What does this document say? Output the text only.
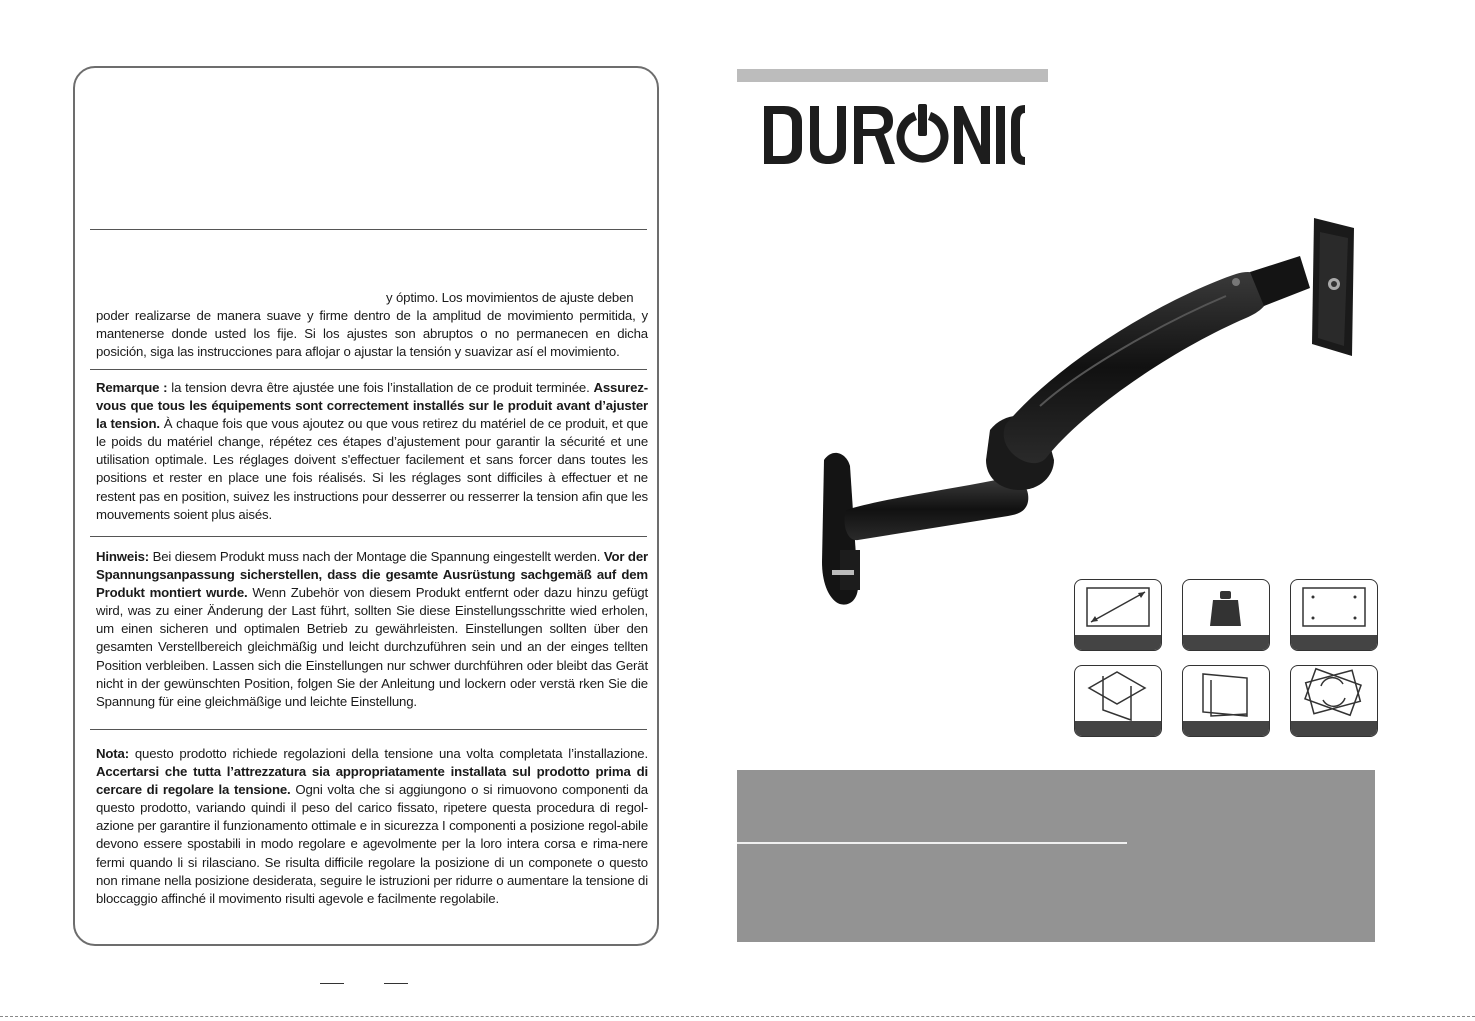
y óptimo. Los movimientos de ajuste deben

poder realizarse de manera suave y firme dentro de la amplitud de movimiento permitida, y mantenerse donde usted los fije. Si los ajustes son abruptos o no permanecen en dicha posición, siga las instrucciones para aflojar o ajustar la tensión y suavizar así el movimiento.

Remarque : la tension devra être ajustée une fois l’installation de ce produit terminée. Assurez-vous que tous les équipements sont correctement installés sur le produit avant d’ajuster la tension. À chaque fois que vous ajoutez ou que vous retirez du matériel de ce produit, et que le poids du matériel change, répétez ces étapes d’ajustement pour garantir la sécurité et une utilisation optimale. Les réglages doivent s'effectuer facilement et sans forcer dans toutes les positions et rester en place une fois réalisés. Si les réglages sont difficiles à effectuer et ne restent pas en position, suivez les instructions pour desserrer ou resserrer la tension afin que les mouvements soient plus aisés.

Hinweis: Bei diesem Produkt muss nach der Montage die Spannung eingestellt werden. Vor der Spannungsanpassung sicherstellen, dass die gesamte Ausrüstung sachgemäß auf dem Produkt montiert wurde. Wenn Zubehör von diesem Produkt entfernt oder dazu hinzu gefügt wird, was zu einer Änderung der Last führt, sollten Sie diese Einstellungsschritte wied erholen, um einen sicheren und optimalen Betrieb zu gewährleisten. Einstellungen sollten über den gesamten Verstellbereich gleichmäßig und leicht durchzuführen sein und an der einges tellten Position verbleiben. Lassen sich die Einstellungen nur schwer durchführen oder bleibt das Gerät nicht in der gewünschten Position, folgen Sie der Anleitung und lockern oder verstä rken Sie die Spannung für eine gleichmäßige und leichte Einstellung.

Nota: questo prodotto richiede regolazioni della tensione una volta completata l’installazione. Accertarsi che tutta l’attrezzatura sia appropriatamente installata sul prodotto prima di cercare di regolare la tensione. Ogni volta che si aggiungono o si rimuovono componenti da questo prodotto, variando quindi il peso del carico fissato, ripetere questa procedura di regol-azione per garantire il funzionamento ottimale e in sicurezza I componenti a posizione regol-abile devono essere spostabili in modo regolare e agevolmente per la loro intera corsa e rima-nere fermi quando li si rilasciano. Se risulta difficile regolare la posizione di un componete o questo non rimane nella posizione desiderata, seguire le istruzioni per ridurre o aumentare la tensione di bloccaggio affinché il movimento risulti agevole e facilmente regolabile.
